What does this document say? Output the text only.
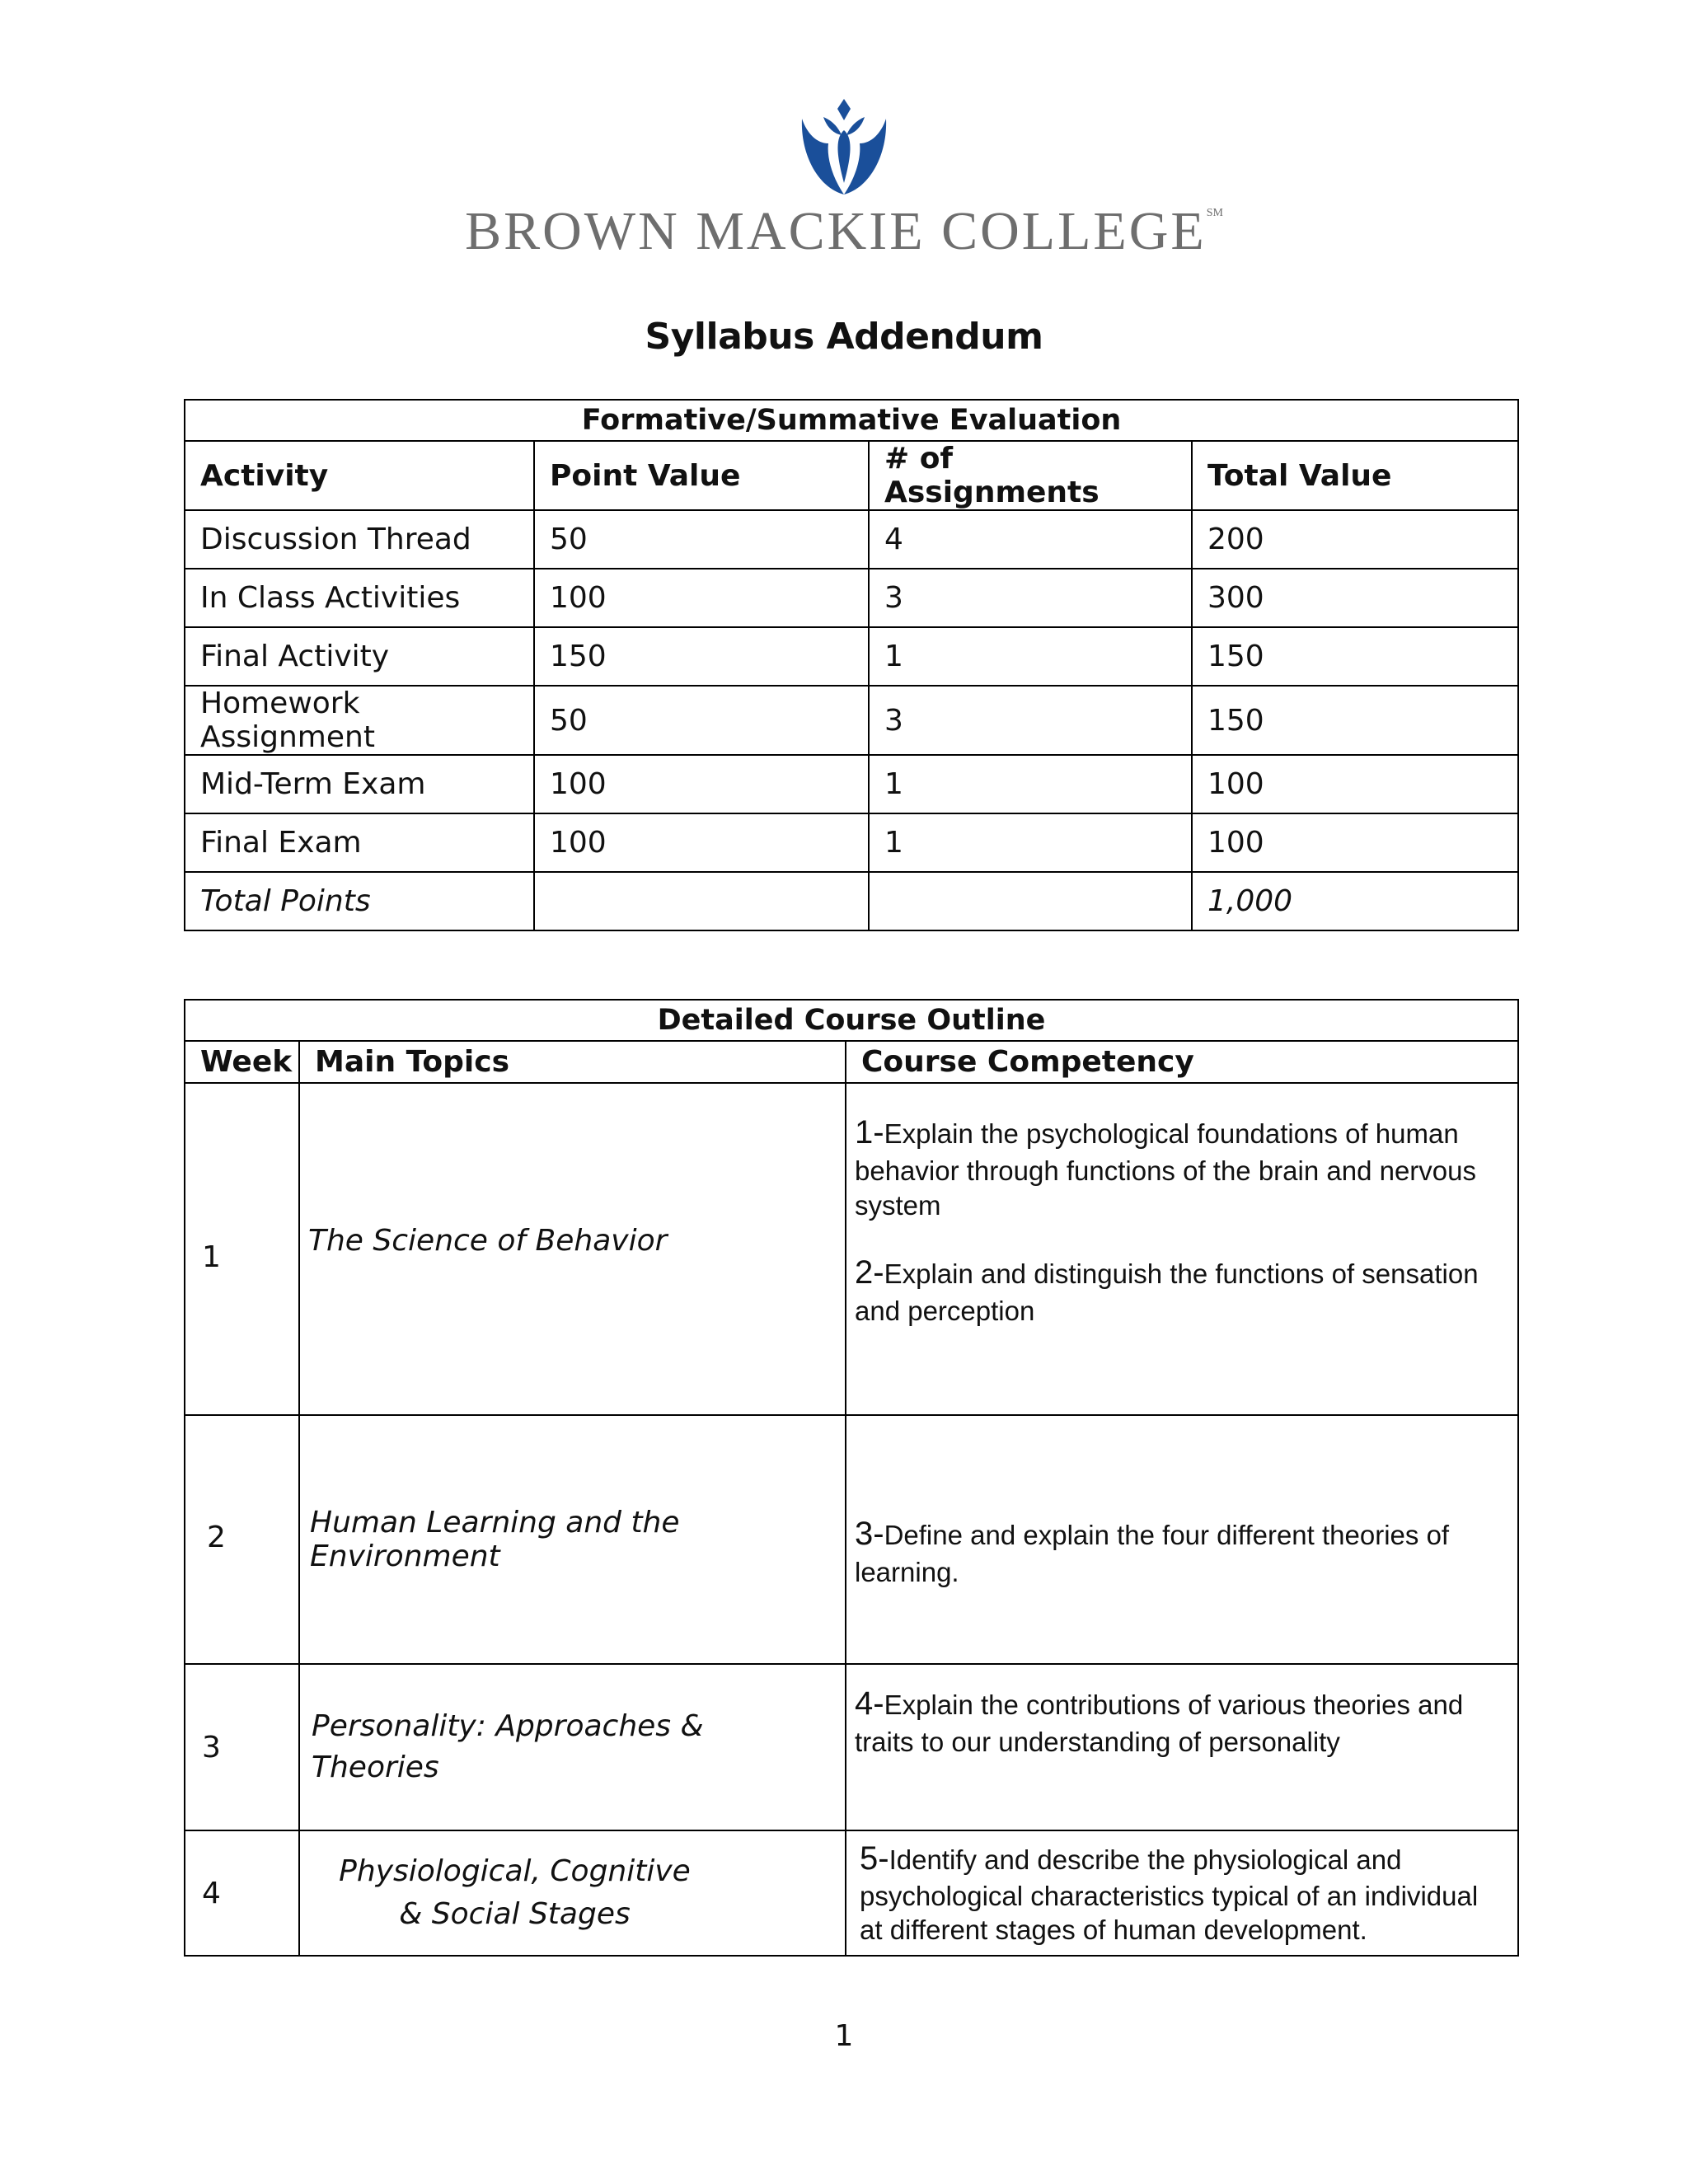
BROWN MACKIE COLLEGE℠
Syllabus Addendum
Formative/Summative Evaluation			
Activity	Point Value	# of Assignments	Total Value
Discussion Thread	50	4	200
In Class Activities	100	3	300
Final Activity	150	1	150
Homework Assignment	50	3	150
Mid-Term Exam	100	1	100
Final Exam	100	1	100
Total Points			1,000
Detailed Course Outline		
Week	Main Topics	Course Competency
1	The Science of Behavior	1-Explain the psychological foundations of human behavior through functions of the brain and nervous system

2-Explain and distinguish the functions of sensation and perception

2	Human Learning and the Environment	3-Define and explain the four different theories of learning.

3	Personality: Approaches & Theories	4-Explain the contributions of various theories and traits to our understanding of personality

4	Physiological, Cognitive & Social Stages	5-Identify and describe the physiological and psychological characteristics typical of an individual at different stages of human development.

1
